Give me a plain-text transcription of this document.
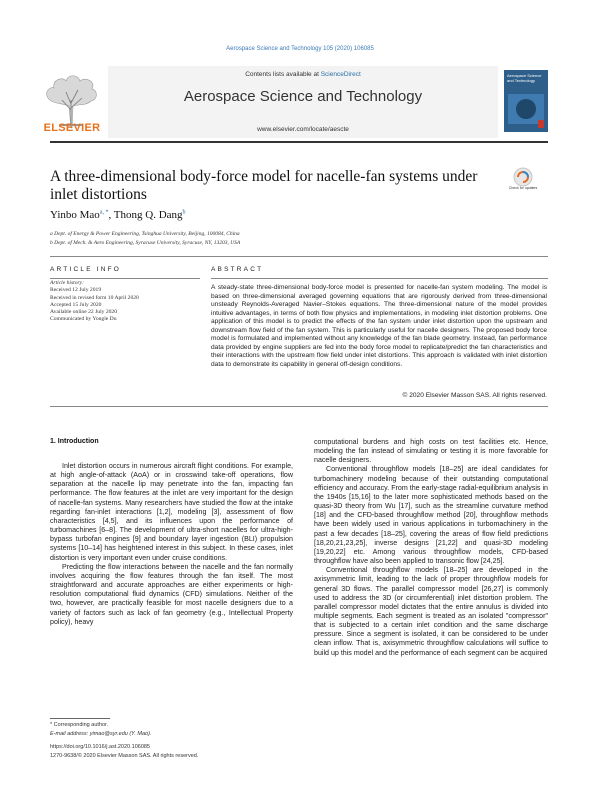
Aerospace Science and Technology 105 (2020) 106085
Contents lists available at ScienceDirect
Aerospace Science and Technology
www.elsevier.com/locate/aescte
ELSEVIER
Aerospace Science and Technology
A three-dimensional body-force model for nacelle-fan systems under inlet distortions	Check for updates
Yinbo Mao$^{a, *}$, Thong Q. Dang$^b$
a Dept. of Energy & Power Engineering, Tsinghua University, Beijing, 100084, China
b Dept. of Mech. & Aero Engineering, Syracuse University, Syracuse, NY, 13203, USA
ARTICLE INFO
Article history:
Received 12 July 2019
Received in revised form 10 April 2020
Accepted 15 July 2020
Available online 22 July 2020
Communicated by Yongle Du
ABSTRACT
A steady-state three-dimensional body-force model is presented for nacelle-fan system modeling. The model is based on three-dimensional averaged governing equations that are rigorously derived from three-dimensional unsteady Reynolds-Averaged Navier–Stokes equations. The three-dimensional nature of the model provides intuitive advantages, in terms of both flow physics and implementations, in modeling inlet distortion problems. One application of this model is to predict the effects of the fan system under inlet distortion upon the upstream and downstream flow field of the fan system. This is particularly useful for nacelle designers. The proposed body force model is formulated and implemented without any knowledge of the fan blade geometry. Instead, fan performance data provided by engine suppliers are fed into the body force model to replicate/predict the fan characteristics and their interactions with the upstream flow field under inlet distortions. This approach is validated with inlet distortion data to demonstrate its capability in general off-design conditions.
© 2020 Elsevier Masson SAS. All rights reserved.
1. Introduction

Inlet distortion occurs in numerous aircraft flight conditions. For example, at high angle-of-attack (AoA) or in crosswind take-off operations, flow separation at the nacelle lip may penetrate into the fan, impacting fan performance. The flow features at the inlet are very important for the design of nacelle-fan systems. Many researchers have studied the flow at the intake regarding fan-inlet interactions [1,2], modeling [3], assessment of flow characteristics [4,5], and its influences upon the performance of turbomachines [6–8]. The development of ultra-short nacelles for ultra-high-bypass turbofan engines [9] and boundary layer ingestion (BLI) propulsion systems [10–14] has heightened interest in this subject. In these cases, inlet distortion is very important even under cruise conditions.

Predicting the flow interactions between the nacelle and the fan normally involves acquiring the flow features through the fan itself. The most straightforward and accurate approaches are either experiments or high-resolution computational fluid dynamics (CFD) simulations. Neither of the two, however, are practically feasible for most nacelle designers due to a variety of factors such as lack of fan geometry (e.g., Intellectual Property policy), heavy

computational burdens and high costs on test facilities etc. Hence, modeling the fan instead of simulating or testing it is more favorable for nacelle designers.

Conventional throughflow models [18–25] are ideal candidates for turbomachinery modeling because of their outstanding computational efficiency and accuracy. From the early-stage radial-equilibrium analysis in the 1940s [15,16] to the later more sophisticated methods based on the quasi-3D theory from Wu [17], such as the streamline curvature method [18] and the CFD-based throughflow method [20], throughflow methods have been widely used in various applications in turbomachinery in the past a few decades [18–25], covering the areas of flow field predictions [18,20,21,23,25], inverse designs [21,22] and quasi-3D modeling [19,20,22] etc. Among various throughflow models, CFD-based throughflow have also been applied to transonic flow [24,25].

Conventional throughflow models [18–25] are developed in the axisymmetric limit, leading to the lack of proper throughflow models for general 3D flows. The parallel compressor model [26,27] is commonly used to address the 3D (or circumferential) inlet distortion problem. The parallel compressor model dictates that the entire annulus is divided into multiple segments. Each segment is treated as an isolated "compressor" that is subjected to a certain inlet condition and the same discharge pressure. Since a segment is isolated, it can be considered to be under clean inflow. That is, axisymmetric throughflow calculations will suffice to build up this model and the performance of each segment can be acquired

* Corresponding author.
E-mail address: yimao@syr.edu (Y. Mao).
https://doi.org/10.1016/j.ast.2020.106085
1270-9638/© 2020 Elsevier Masson SAS. All rights reserved.
